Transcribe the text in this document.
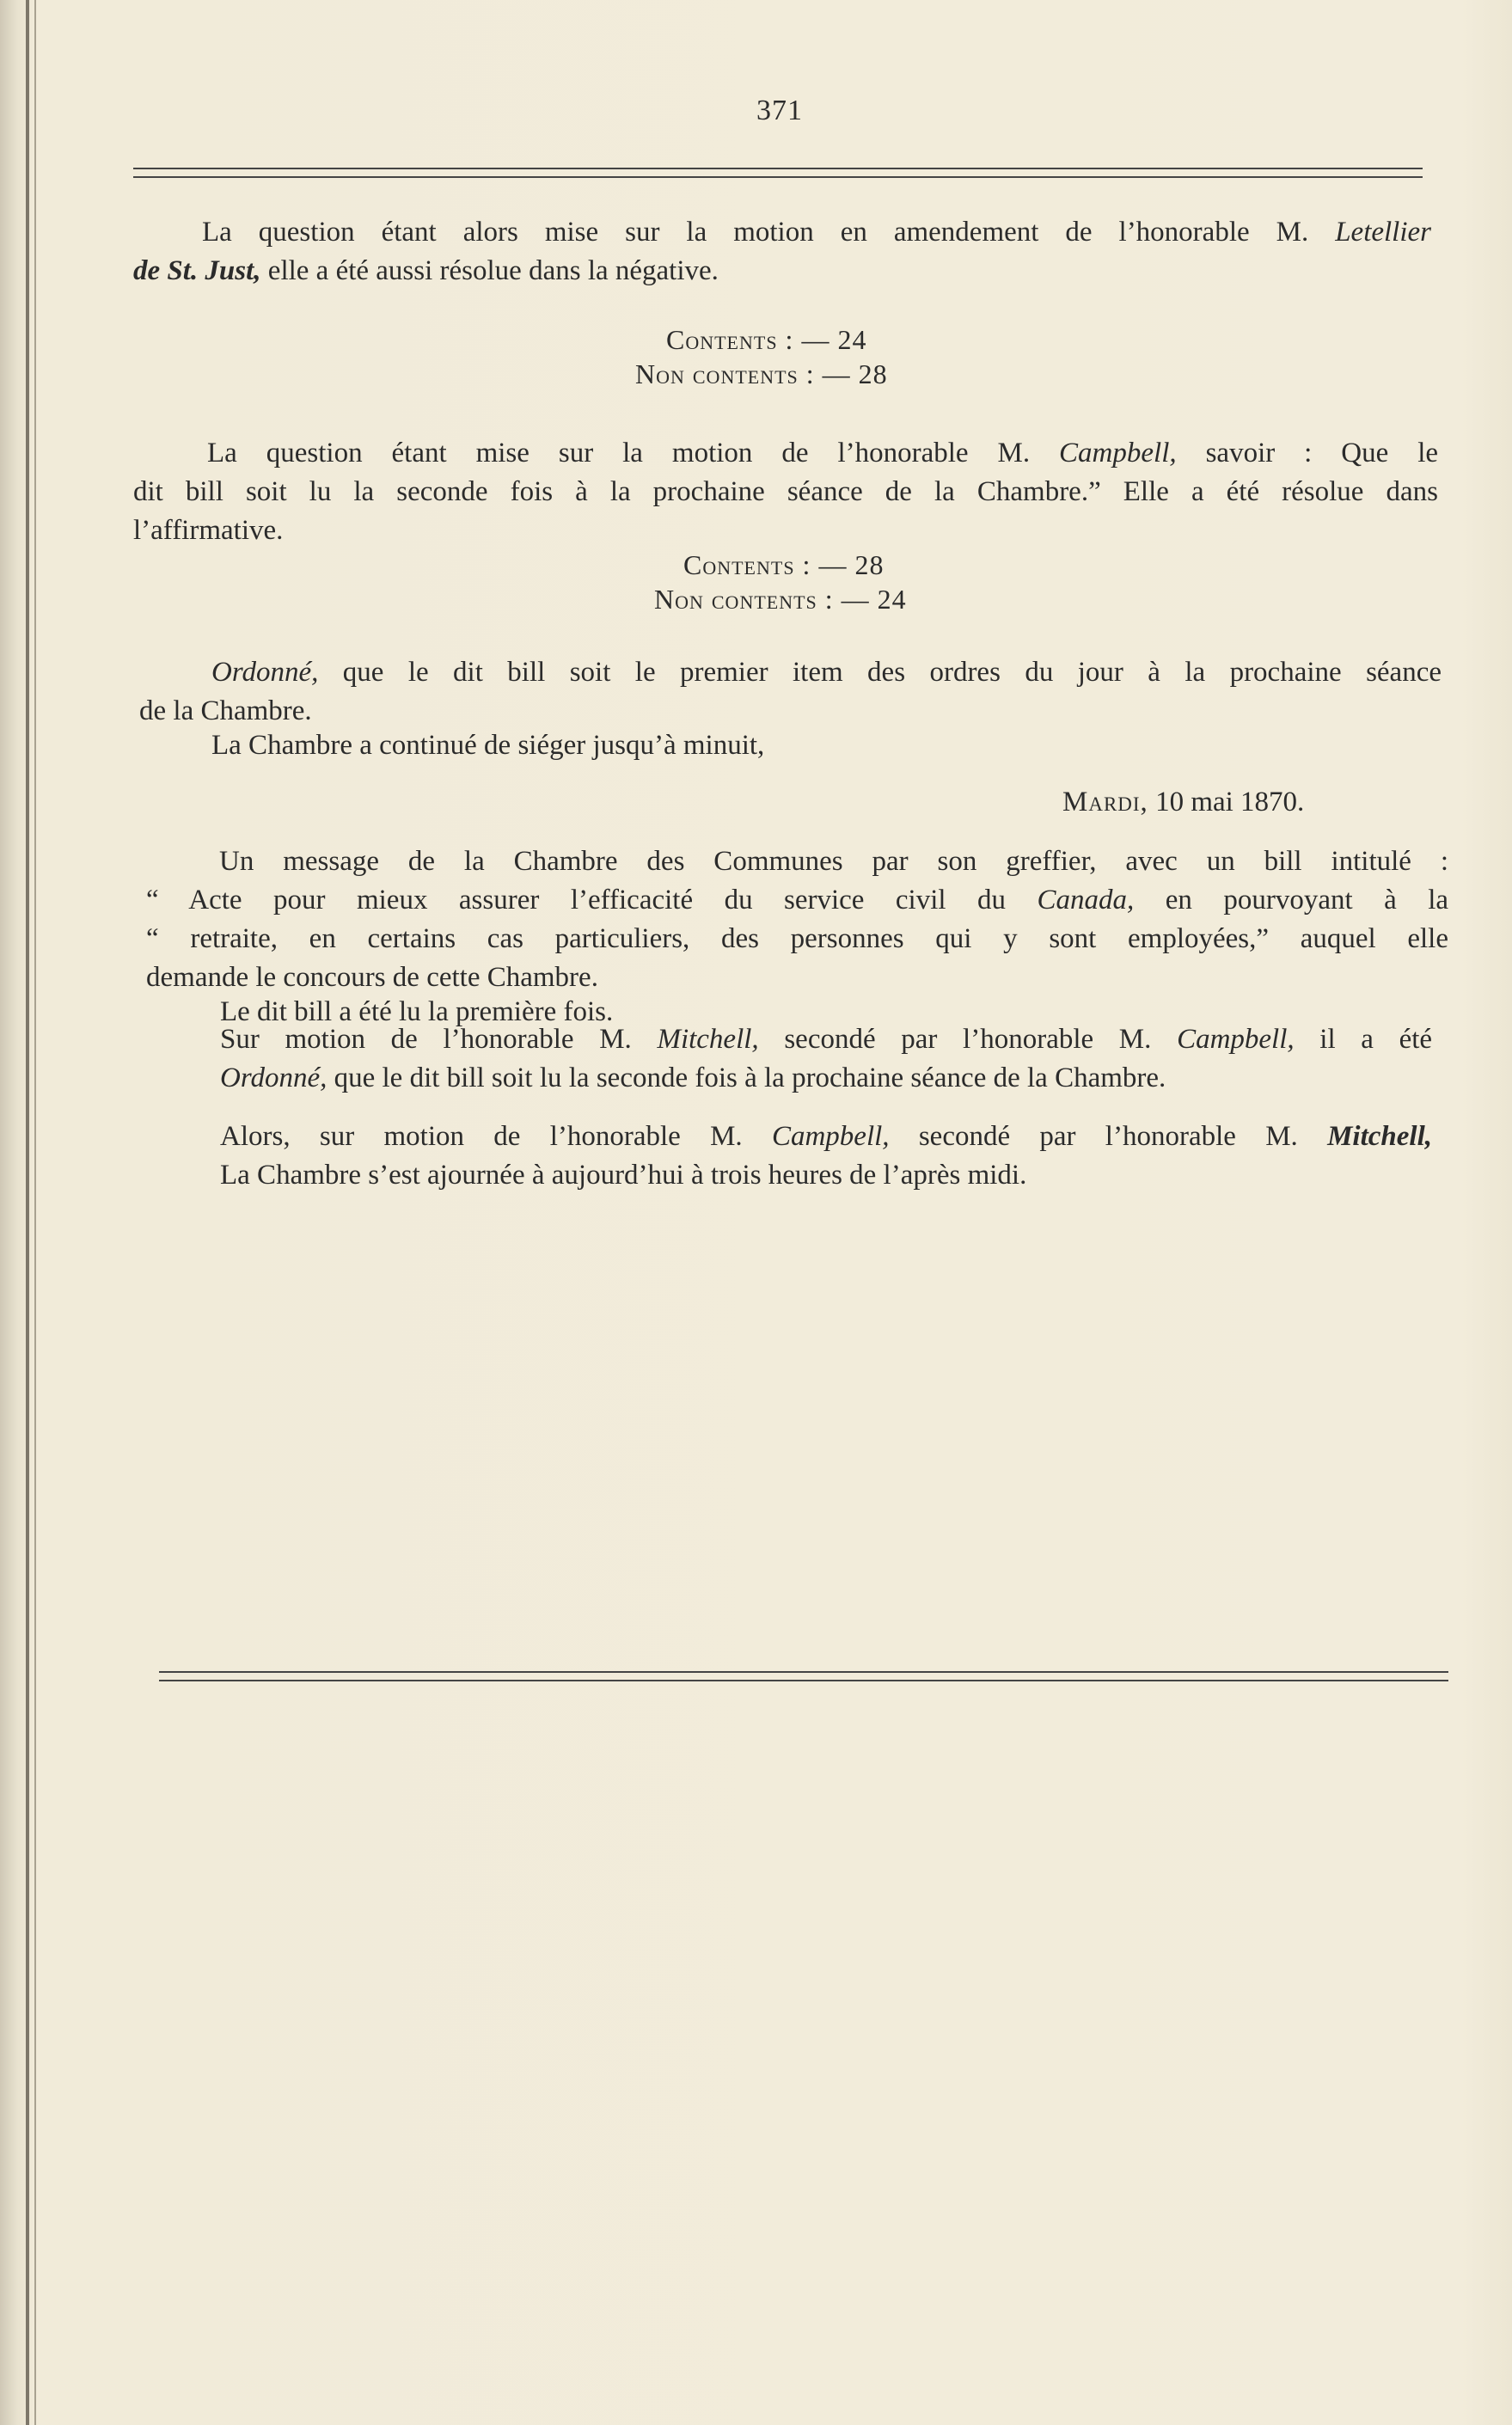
371
La question étant alors mise sur la motion en amendement de l’honorable M. Letellier
de St. Just, elle a été aussi résolue dans la négative.
Contents : — 24
Non contents : — 28
La question étant mise sur la motion de l’honorable M. Campbell, savoir : Que le
dit bill soit lu la seconde fois à la prochaine séance de la Chambre.” Elle a été résolue dans
l’affirmative.
Contents : — 28
Non contents : — 24
Ordonné, que le dit bill soit le premier item des ordres du jour à la prochaine séance
de la Chambre.
La Chambre a continué de siéger jusqu’à minuit,
Mardi, 10 mai 1870.
Un message de la Chambre des Communes par son greffier, avec un bill intitulé :
“ Acte pour mieux assurer l’efficacité du service civil du Canada, en pourvoyant à la
“ retraite, en certains cas particuliers, des personnes qui y sont employées,” auquel elle
demande le concours de cette Chambre.
Le dit bill a été lu la première fois.
Sur motion de l’honorable M. Mitchell, secondé par l’honorable M. Campbell, il a été
Ordonné, que le dit bill soit lu la seconde fois à la prochaine séance de la Chambre.
Alors, sur motion de l’honorable M. Campbell, secondé par l’honorable M. Mitchell,
La Chambre s’est ajournée à aujourd’hui à trois heures de l’après midi.
